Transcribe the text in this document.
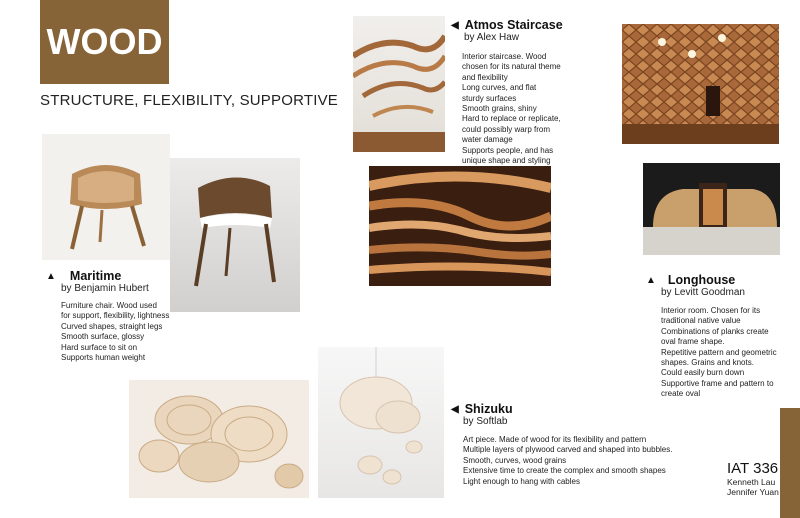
WOOD
STRUCTURE, FLEXIBILITY, SUPPORTIVE
▲ Maritime
by Benjamin Hubert
Furniture chair. Wood used
for support, flexibility, lightness
Curved shapes, straight legs
Smooth surface, glossy
Hard surface to sit on
Supports human weight
◀ Atmos Staircase
by Alex Haw
Interior staircase. Wood
chosen for its natural theme
and flexibility
Long curves, and flat
sturdy surfaces
Smooth grains, shiny
Hard to replace or replicate,
could possibly warp from
water damage
Supports people, and has
unique shape and styling
▲ Longhouse
by Levitt Goodman
Interior room. Chosen for its
traditional native value
Combinations of planks create
oval frame shape.
Repetitive pattern and geometric
shapes. Grains and knots.
Could easily burn down
Supportive frame and pattern to
create oval
◀ Shizuku
by Softlab
Art piece. Made of wood for its flexibility and pattern
Multiple layers of plywood carved and shaped into bubbles.
Smooth, curves, wood grains
Extensive time to create the complex and smooth shapes
Light enough to hang with cables
IAT 336
Kenneth Lau
Jennifer Yuan
